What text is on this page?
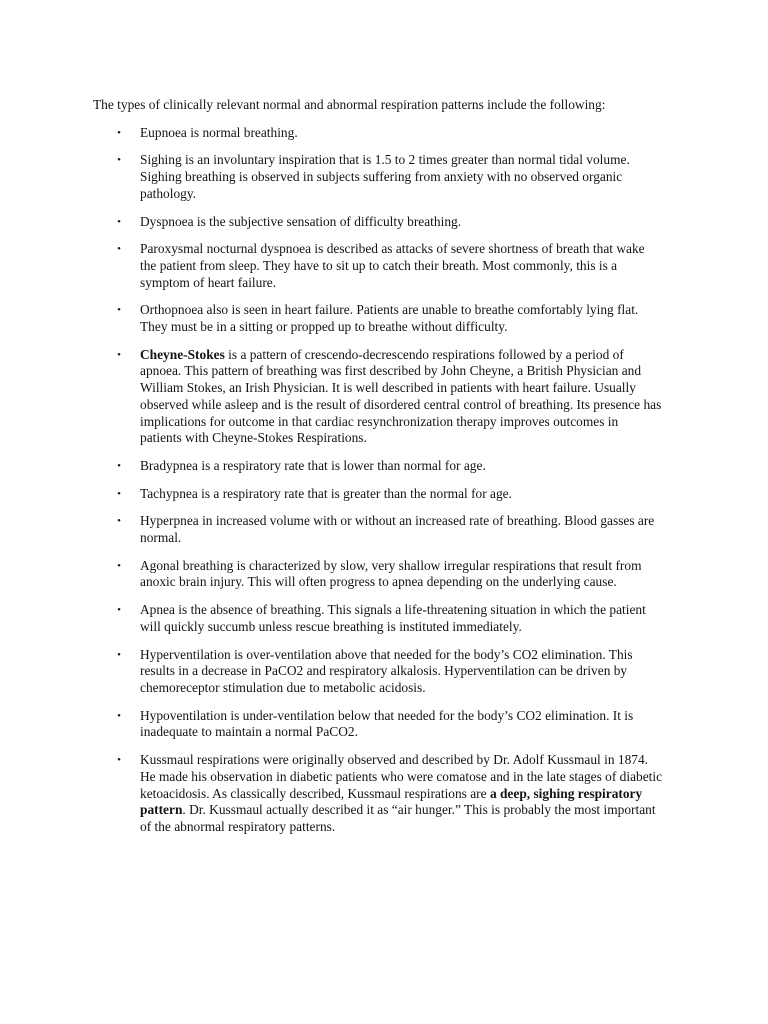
The types of clinically relevant normal and abnormal respiration patterns include the following:

• Eupnoea is normal breathing.
• Sighing is an involuntary inspiration that is 1.5 to 2 times greater than normal tidal volume. Sighing breathing is observed in subjects suffering from anxiety with no observed organic pathology.
• Dyspnoea is the subjective sensation of difficulty breathing.
• Paroxysmal nocturnal dyspnoea is described as attacks of severe shortness of breath that wake the patient from sleep. They have to sit up to catch their breath. Most commonly, this is a symptom of heart failure.
• Orthopnoea also is seen in heart failure. Patients are unable to breathe comfortably lying flat. They must be in a sitting or propped up to breathe without difficulty.
• Cheyne-Stokes is a pattern of crescendo-decrescendo respirations followed by a period of apnoea. This pattern of breathing was first described by John Cheyne, a British Physician and William Stokes, an Irish Physician. It is well described in patients with heart failure. Usually observed while asleep and is the result of disordered central control of breathing. Its presence has implications for outcome in that cardiac resynchronization therapy improves outcomes in patients with Cheyne-Stokes Respirations.
• Bradypnea is a respiratory rate that is lower than normal for age.
• Tachypnea is a respiratory rate that is greater than the normal for age.
• Hyperpnea in increased volume with or without an increased rate of breathing. Blood gasses are normal.
• Agonal breathing is characterized by slow, very shallow irregular respirations that result from anoxic brain injury. This will often progress to apnea depending on the underlying cause.
• Apnea is the absence of breathing. This signals a life-threatening situation in which the patient will quickly succumb unless rescue breathing is instituted immediately.
• Hyperventilation is over-ventilation above that needed for the body’s CO2 elimination. This results in a decrease in PaCO2 and respiratory alkalosis. Hyperventilation can be driven by chemoreceptor stimulation due to metabolic acidosis.
• Hypoventilation is under-ventilation below that needed for the body’s CO2 elimination. It is inadequate to maintain a normal PaCO2.
• Kussmaul respirations were originally observed and described by Dr. Adolf Kussmaul in 1874. He made his observation in diabetic patients who were comatose and in the late stages of diabetic ketoacidosis. As classically described, Kussmaul respirations are a deep, sighing respiratory pattern. Dr. Kussmaul actually described it as “air hunger.” This is probably the most important of the abnormal respiratory patterns.
